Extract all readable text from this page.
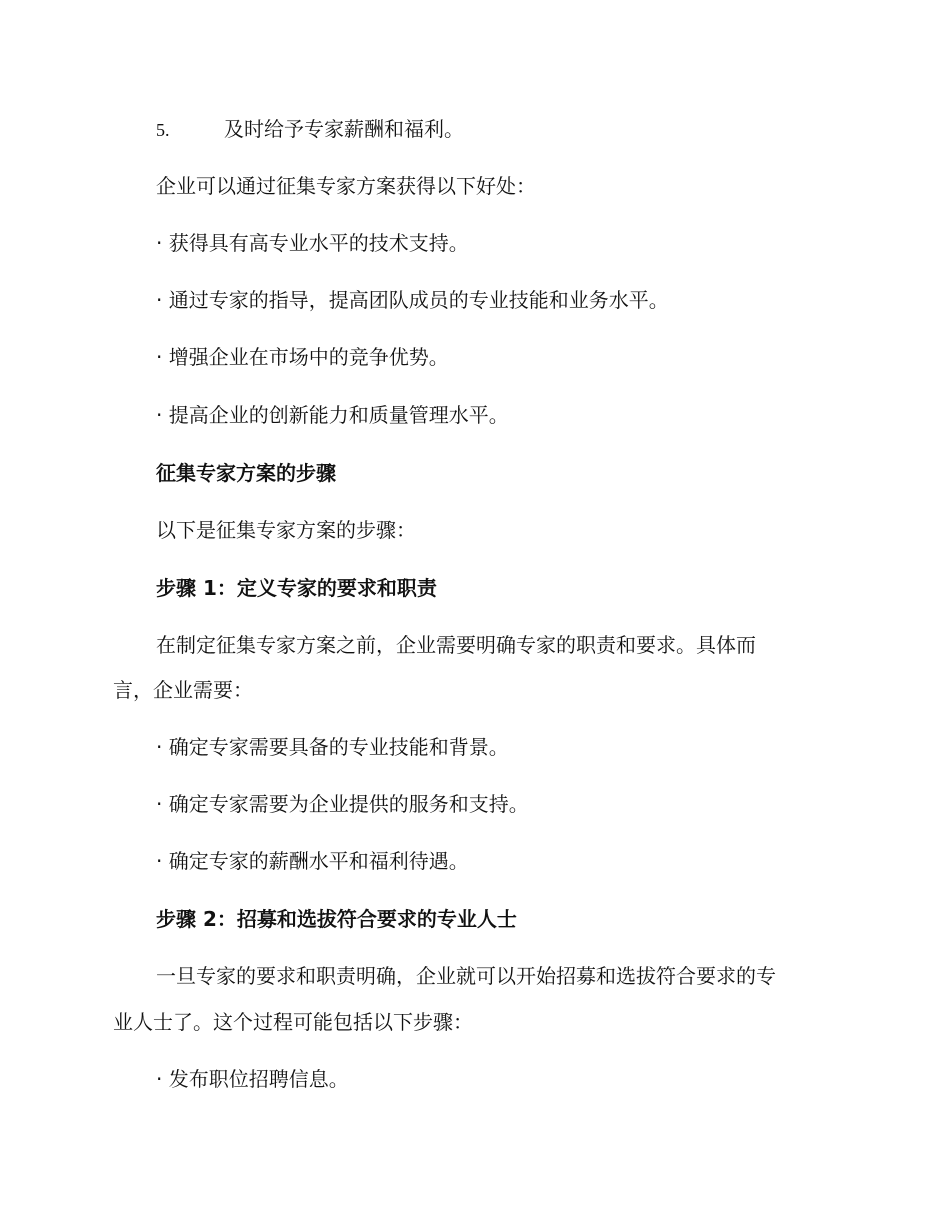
5.	及时给予专家薪酬和福利。
企业可以通过征集专家方案获得以下好处：
· 获得具有高专业水平的技术支持。
· 通过专家的指导，提高团队成员的专业技能和业务水平。
· 增强企业在市场中的竞争优势。
· 提高企业的创新能力和质量管理水平。
征集专家方案的步骤
以下是征集专家方案的步骤：
步骤 1：定义专家的要求和职责
在制定征集专家方案之前，企业需要明确专家的职责和要求。具体而
言，企业需要：
· 确定专家需要具备的专业技能和背景。
· 确定专家需要为企业提供的服务和支持。
· 确定专家的薪酬水平和福利待遇。
步骤 2：招募和选拔符合要求的专业人士
一旦专家的要求和职责明确，企业就可以开始招募和选拔符合要求的专
业人士了。这个过程可能包括以下步骤：
· 发布职位招聘信息。
